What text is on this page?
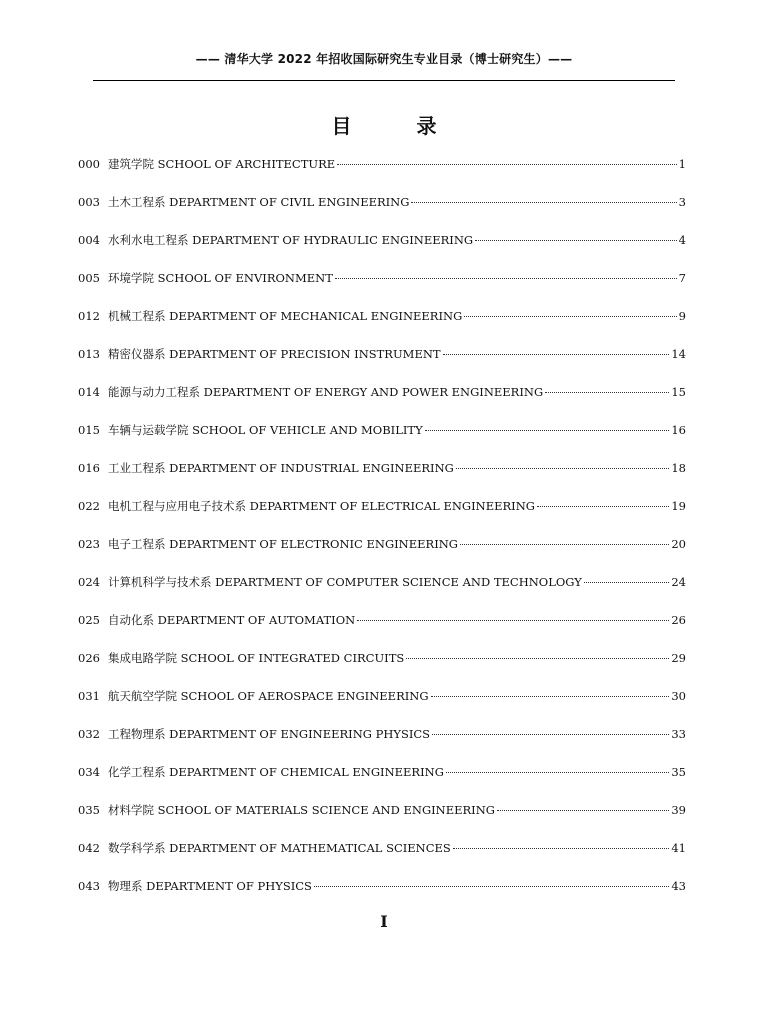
—— 清华大学 2022 年招收国际研究生专业目录（博士研究生）——
目 录
000 建筑学院 SCHOOL OF ARCHITECTURE	1
003 土木工程系 DEPARTMENT OF CIVIL ENGINEERING	3
004 水利水电工程系 DEPARTMENT OF HYDRAULIC ENGINEERING	4
005 环境学院 SCHOOL OF ENVIRONMENT	7
012 机械工程系 DEPARTMENT OF MECHANICAL ENGINEERING	9
013 精密仪器系 DEPARTMENT OF PRECISION INSTRUMENT	14
014 能源与动力工程系 DEPARTMENT OF ENERGY AND POWER ENGINEERING	15
015 车辆与运载学院 SCHOOL OF VEHICLE AND MOBILITY	16
016 工业工程系 DEPARTMENT OF INDUSTRIAL ENGINEERING	18
022 电机工程与应用电子技术系 DEPARTMENT OF ELECTRICAL ENGINEERING	19
023 电子工程系 DEPARTMENT OF ELECTRONIC ENGINEERING	20
024 计算机科学与技术系 DEPARTMENT OF COMPUTER SCIENCE AND TECHNOLOGY	24
025 自动化系 DEPARTMENT OF AUTOMATION	26
026 集成电路学院 SCHOOL OF INTEGRATED CIRCUITS	29
031 航天航空学院 SCHOOL OF AEROSPACE ENGINEERING	30
032 工程物理系 DEPARTMENT OF ENGINEERING PHYSICS	33
034 化学工程系 DEPARTMENT OF CHEMICAL ENGINEERING	35
035 材料学院 SCHOOL OF MATERIALS SCIENCE AND ENGINEERING	39
042 数学科学系 DEPARTMENT OF MATHEMATICAL SCIENCES	41
043 物理系 DEPARTMENT OF PHYSICS	43
I
